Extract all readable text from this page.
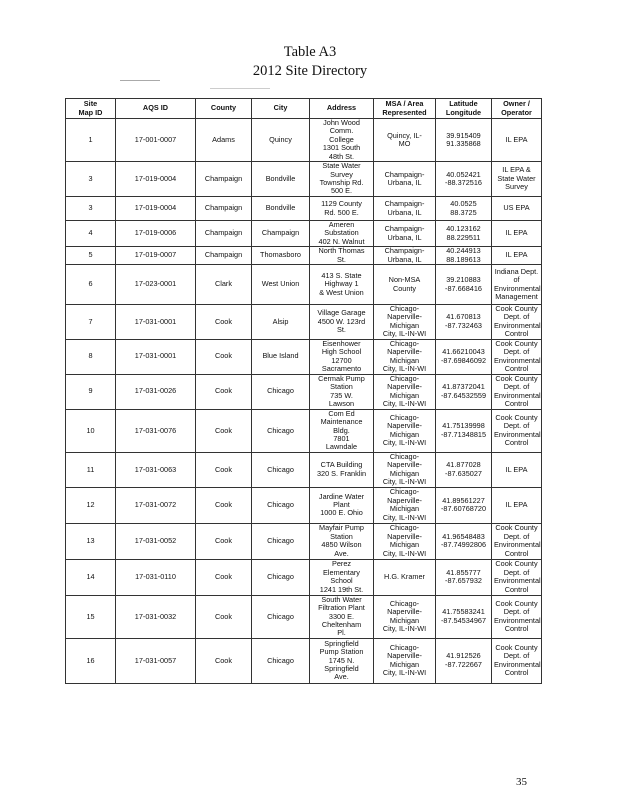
Table A3
2012 Site Directory
Site
Map ID	AQS ID	County	City	Address	MSA / Area
Represented	Latitude
Longitude	Owner /
Operator
1	17-001-0007	Adams	Quincy	John Wood
Comm.
College
1301 South
48th St.	Quincy, IL-
MO	39.915409
91.335868	IL EPA
3	17-019-0004	Champaign	Bondville	State Water
Survey
Township Rd.
500 E.	Champaign-
Urbana, IL	40.052421
-88.372516	IL EPA &
State Water
Survey
3	17-019-0004	Champaign	Bondville	1129 County
Rd. 500 E.	Champaign-
Urbana, IL	40.0525
88.3725	US EPA
4	17-019-0006	Champaign	Champaign	Ameren
Substation
402 N. Walnut	Champaign-
Urbana, IL	40.123162
88.229511	IL EPA
5	17-019-0007	Champaign	Thomasboro	North Thomas
St.	Champaign-
Urbana, IL	40.244913
88.189613	IL EPA
6	17-023-0001	Clark	West Union	413 S. State
Highway 1
& West Union	Non-MSA
County	39.210883
-87.668416	Indiana Dept.
of
Environmental
Management
7	17-031-0001	Cook	Alsip	Village Garage
4500 W. 123rd
St.	Chicago-
Naperville-
Michigan
City, IL-IN-WI	41.670813
-87.732463	Cook County
Dept. of
Environmental
Control
8	17-031-0001	Cook	Blue Island	Eisenhower
High School
12700
Sacramento	Chicago-
Naperville-
Michigan
City, IL-IN-WI	41.66210043
-87.69846092	Cook County
Dept. of
Environmental
Control
9	17-031-0026	Cook	Chicago	Cermak Pump
Station
735 W.
Lawson	Chicago-
Naperville-
Michigan
City, IL-IN-WI	41.87372041
-87.64532559	Cook County
Dept. of
Environmental
Control
10	17-031-0076	Cook	Chicago	Com Ed
Maintenance
Bldg.
7801
Lawndale	Chicago-
Naperville-
Michigan
City, IL-IN-WI	41.75139998
-87.71348815	Cook County
Dept. of
Environmental
Control
11	17-031-0063	Cook	Chicago	CTA Building
320 S. Franklin	Chicago-
Naperville-
Michigan
City, IL-IN-WI	41.877028
-87.635027	IL EPA
12	17-031-0072	Cook	Chicago	Jardine Water
Plant
1000 E. Ohio	Chicago-
Naperville-
Michigan
City, IL-IN-WI	41.89561227
-87.60768720	IL EPA
13	17-031-0052	Cook	Chicago	Mayfair Pump
Station
4850 Wilson
Ave.	Chicago-
Naperville-
Michigan
City, IL-IN-WI	41.96548483
-87.74992806	Cook County
Dept. of
Environmental
Control
14	17-031-0110	Cook	Chicago	Perez
Elementary
School
1241 19th St.	H.G. Kramer	41.855777
-87.657932	Cook County
Dept. of
Environmental
Control
15	17-031-0032	Cook	Chicago	South Water
Filtration Plant
3300 E.
Cheltenham
Pl.	Chicago-
Naperville-
Michigan
City, IL-IN-WI	41.75583241
-87.54534967	Cook County
Dept. of
Environmental
Control
16	17-031-0057	Cook	Chicago	Springfield
Pump Station
1745 N.
Springfield
Ave.	Chicago-
Naperville-
Michigan
City, IL-IN-WI	41.912526
-87.722667	Cook County
Dept. of
Environmental
Control
35
